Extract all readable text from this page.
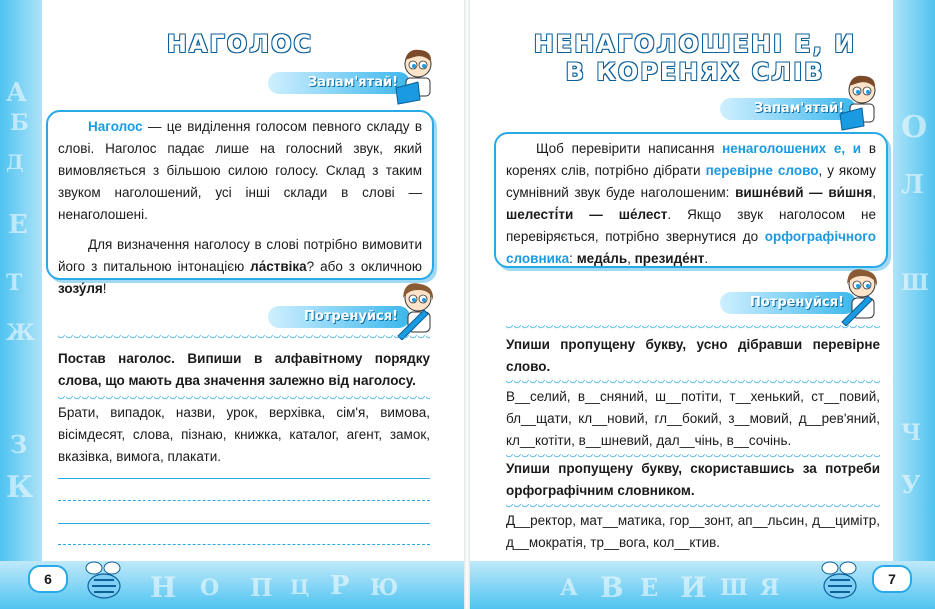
А
Б
Д
Е
Т
Ж
З
К
О
Л
Ш
Ч
У
Н О П Ц Р Ю	А В Е И Ш Я
НАГОЛОС
Запам'ятай!

Наголос — це виділення голосом певного складу в слові. Наголос падає лише на голосний звук, який вимовляється з більшою силою голосу. Склад з таким звуком наголошений, усі інші склади в слові — ненаголошені.

Для визначення наголосу в слові потрібно вимовити його з питальною інтонацією ла́ствіка? або з окличною зозу́ля!

Потренуйся!
Постав наголос. Випиши в алфавітному порядку слова, що мають два значення залежно від наголосу.
Брати, випадок, назви, урок, верхівка, сім'я, вимова, вісімдесят, слова, пізнаю, книжка, каталог, агент, замок, вказівка, вимога, плакати.
6
НЕНАГОЛОШЕНІ Е, И
В КОРЕНЯХ СЛІВ
Запам'ятай!

Щоб перевірити написання ненаголошених е, и в коренях слів, потрібно дібрати перевірне слово, у якому сумнівний звук буде наголошеним: вишне́вий — ви́шня, шелесті́ти — ше́лест. Якщо звук наголосом не перевіряється, потрібно звернутися до орфографічного словника: меда́ль, президе́нт.

Потренуйся!
Упиши пропущену букву, усно дібравши перевірне слово.
В__селий, в__сняний, ш__потіти, т__хенький, ст__повий, бл__щати, кл__новий, гл__бокий, з__мовий, д__рев'яний, кл__котіти, в__шневий, дал__чінь, в__сочінь.
Упиши пропущену букву, скориставшись за потреби орфографічним словником.
Д__ректор, мат__матика, гор__зонт, ап__льсин, д__цимітр, д__мократія, тр__вога, кол__ктив.
7
